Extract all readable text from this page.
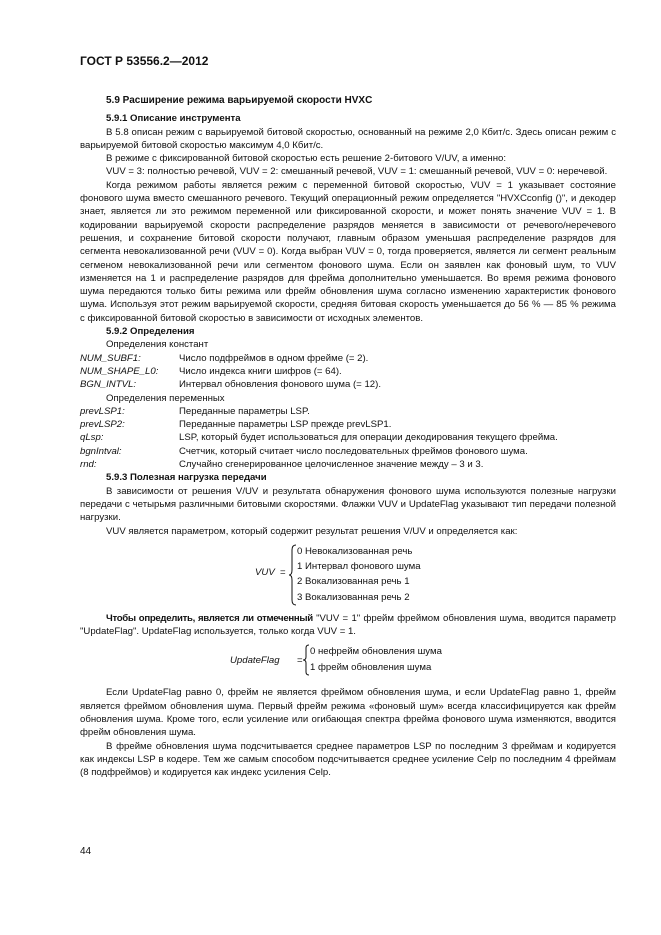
ГОСТ Р 53556.2—2012
5.9 Расширение режима варьируемой скорости HVXC
5.9.1 Описание инструмента

В 5.8 описан режим с варьируемой битовой скоростью, основанный на режиме 2,0 Кбит/с. Здесь описан режим с варьируемой битовой скоростью максимум 4,0 Кбит/с.

В режиме с фиксированной битовой скоростью есть решение 2-битового V/UV, а именно:

VUV = 3: полностью речевой, VUV = 2: смешанный речевой, VUV = 1: смешанный речевой, VUV = 0: неречевой.

Когда режимом работы является режим с переменной битовой скоростью, VUV = 1 указывает состояние фонового шума вместо смешанного речевого. Текущий операционный режим определяется "HVXCconfig ()", и декодер знает, является ли это режимом переменной или фиксированной скорости, и может понять значение VUV = 1. В кодировании варьируемой скорости распределение разрядов меняется в зависимости от речевого/неречевого решения, и сохранение битовой скорости получают, главным образом уменьшая распределение разрядов для сегмента невокализованной речи (VUV = 0). Когда выбран VUV = 0, тогда проверяется, является ли сегмент реальным сегменом невокализованной речи или сегментом фонового шума. Если он заявлен как фоновый шум, то VUV изменяется на 1 и распределение разрядов для фрейма дополнительно уменьшается. Во время режима фонового шума передаются только биты режима или фрейм обновления шума согласно изменению характеристик фонового шума. Используя этот режим варьируемой скорости, средняя битовая скорость уменьшается до 56 % — 85 % режима с фиксированной битовой скоростью в зависимости от исходных элементов.

5.9.2 Определения
Определения констант
NUM_SUBF1:	Число подфреймов в одном фрейме (= 2).
NUM_SHAPE_L0:	Число индекса книги шифров (= 64).
BGN_INTVL:	Интервал обновления фонового шума (= 12).
Определения переменных
prevLSP1:	Переданные параметры LSP.
prevLSP2:	Переданные параметры LSP прежде prevLSP1.
qLsp:	LSP, который будет использоваться для операции декодирования текущего фрейма.
bgnIntval:	Счетчик, который считает число последовательных фреймов фонового шума.
rnd:	Случайно сгенерированное целочисленное значение между – 3 и 3.
5.9.3 Полезная нагрузка передачи

В зависимости от решения V/UV и результата обнаружения фонового шума используются полезные нагрузки передачи с четырьмя различными битовыми скоростями. Флажки VUV и UpdateFlag указывают тип передачи полезной нагрузки.

VUV является параметром, который содержит результат решения V/UV и определяется как:

VUV =
0 Невокализованная речь
1 Интервал фонового шума
2 Вокализованная речь 1
3 Вокализованная речь 2

Чтобы определить, является ли отмеченный "VUV = 1" фрейм фреймом обновления шума, вводится параметр "UpdateFlag". UpdateFlag используется, только когда VUV = 1.

UpdateFlag =
0 нефрейм обновления шума
1 фрейм обновления шума

Если UpdateFlag равно 0, фрейм не является фреймом обновления шума, и если UpdateFlag равно 1, фрейм является фреймом обновления шума. Первый фрейм режима «фоновый шум» всегда классифицируется как фрейм обновления шума. Кроме того, если усиление или огибающая спектра фрейма фонового шума изменяются, вводится фрейм обновления шума.

В фрейме обновления шума подсчитывается среднее параметров LSP по последним 3 фреймам и кодируется как индексы LSP в кодере. Тем же самым способом подсчитывается среднее усиление Celp по последним 4 фреймам (8 подфреймов) и кодируется как индекс усиления Celp.

44
